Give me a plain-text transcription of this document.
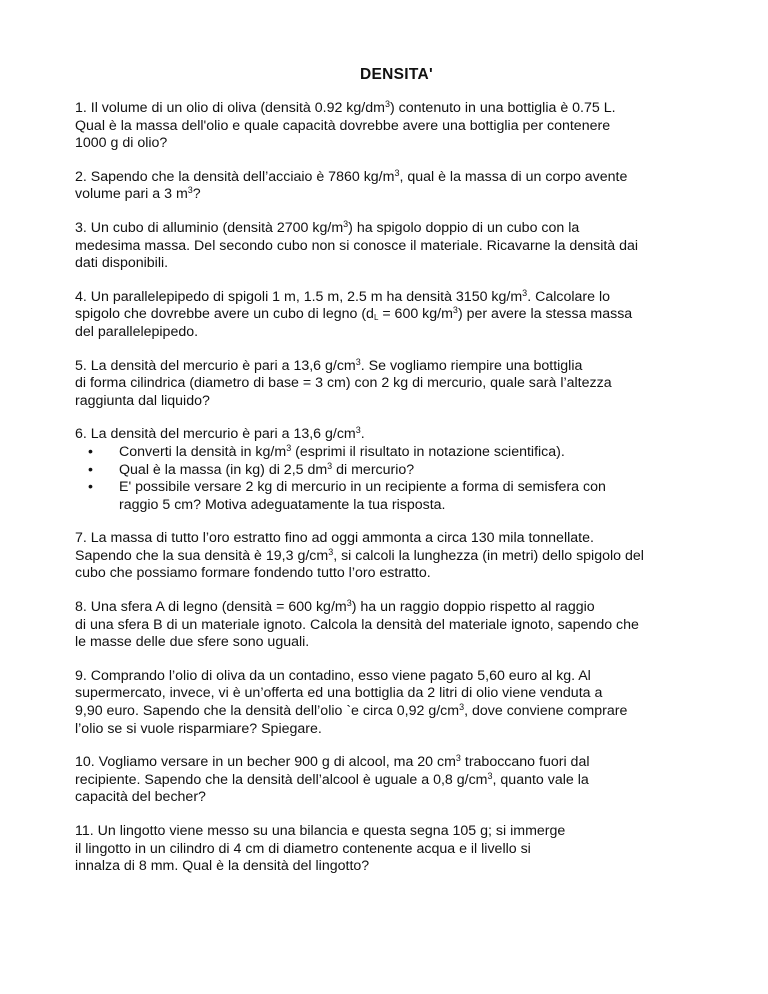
DENSITA'

1. Il volume di un olio di oliva (densità 0.92 $kg/dm^3$) contenuto in una bottiglia è 0.75 L.

Qual è la massa dell'olio e quale capacità dovrebbe avere una bottiglia per contenere

1000 g di olio?

2. Sapendo che la densità dell’acciaio è 7860 $kg/m^3$, qual è la massa di un corpo avente

volume pari a 3 $m^3$?

3. Un cubo di alluminio (densità 2700 $kg/m^3$) ha spigolo doppio di un cubo con la

medesima massa. Del secondo cubo non si conosce il materiale. Ricavarne la densità dai

dati disponibili.

4. Un parallelepipedo di spigoli 1 m, 1.5 m, 2.5 m ha densità 3150 $kg/m^3$. Calcolare lo

spigolo che dovrebbe avere un cubo di legno ($d_L = 600$ $kg/m^3$) per avere la stessa massa

del parallelepipedo.

5. La densità del mercurio è pari a 13,6 $g/cm^3$. Se vogliamo riempire una bottiglia

di forma cilindrica (diametro di base = 3 cm) con 2 kg di mercurio, quale sarà l’altezza

raggiunta dal liquido?

6. La densità del mercurio è pari a 13,6 $g/cm^3$.

• Converti la densità in $kg/m^3$ (esprimi il risultato in notazione scientifica).
• Qual è la massa (in kg) di 2,5 $dm^3$ di mercurio?
• E' possibile versare 2 kg di mercurio in un recipiente a forma di semisfera con
raggio 5 cm? Motiva adeguatamente la tua risposta.

7. La massa di tutto l’oro estratto fino ad oggi ammonta a circa 130 mila tonnellate.

Sapendo che la sua densità è 19,3 $g/cm^3$, si calcoli la lunghezza (in metri) dello spigolo del

cubo che possiamo formare fondendo tutto l’oro estratto.

8. Una sfera A di legno (densità = 600 $kg/m^3$) ha un raggio doppio rispetto al raggio

di una sfera B di un materiale ignoto. Calcola la densità del materiale ignoto, sapendo che

le masse delle due sfere sono uguali.

9. Comprando l’olio di oliva da un contadino, esso viene pagato 5,60 euro al kg. Al

supermercato, invece, vi è un’offerta ed una bottiglia da 2 litri di olio viene venduta a

9,90 euro. Sapendo che la densità dell’olio `e circa 0,92 $g/cm^3$, dove conviene comprare

l’olio se si vuole risparmiare? Spiegare.

10. Vogliamo versare in un becher 900 g di alcool, ma 20 $cm^3$ traboccano fuori dal

recipiente. Sapendo che la densità dell’alcool è uguale a 0,8 $g/cm^3$, quanto vale la

capacità del becher?

11. Un lingotto viene messo su una bilancia e questa segna 105 g; si immerge

il lingotto in un cilindro di 4 cm di diametro contenente acqua e il livello si

innalza di 8 mm. Qual è la densità del lingotto?
